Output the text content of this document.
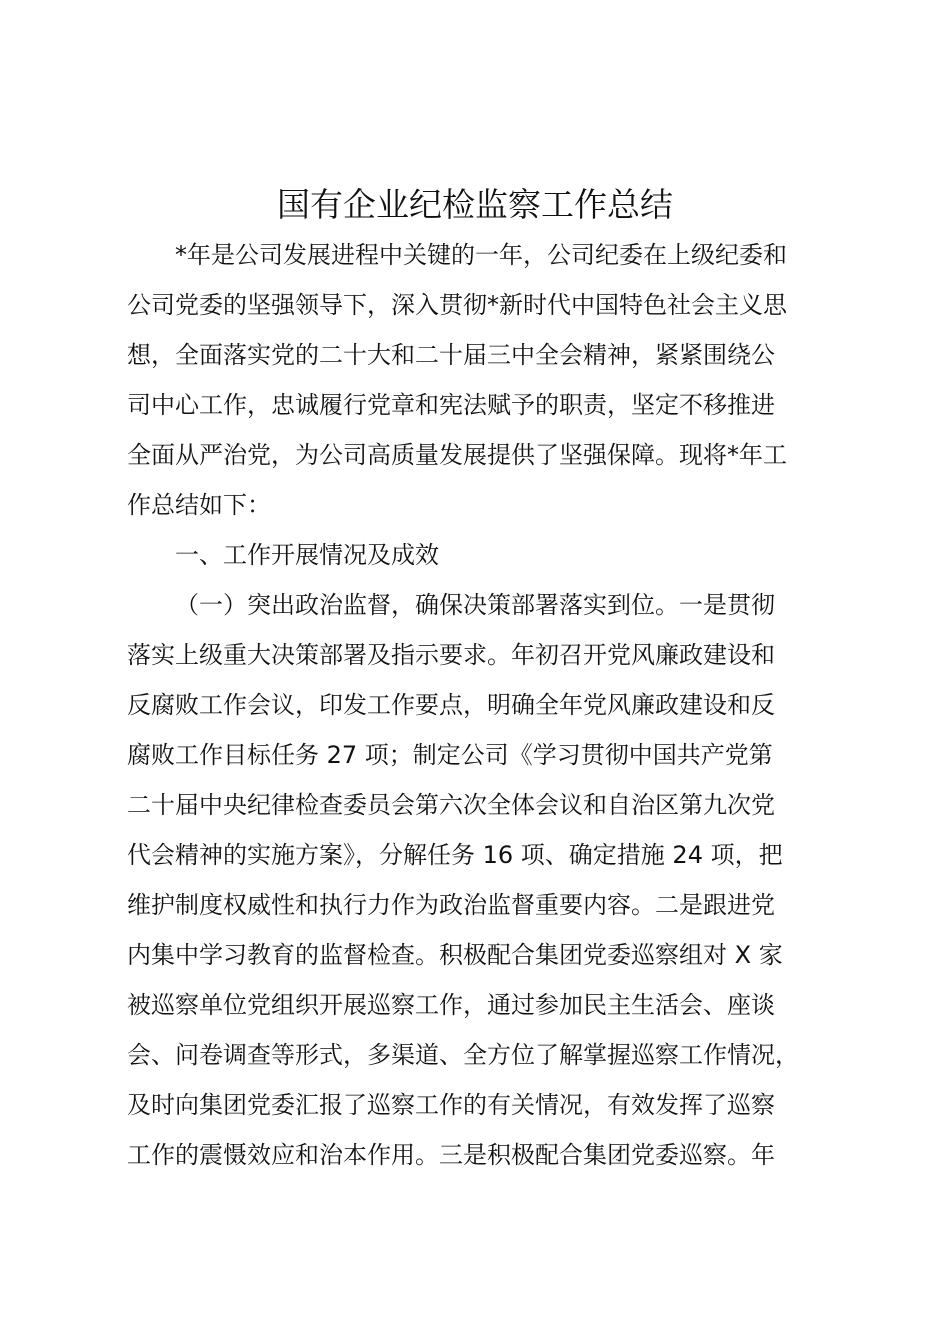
国有企业纪检监察工作总结

*年是公司发展进程中关键的一年，公司纪委在上级纪委和

公司党委的坚强领导下，深入贯彻*新时代中国特色社会主义思

想，全面落实党的二十大和二十届三中全会精神，紧紧围绕公

司中心工作，忠诚履行党章和宪法赋予的职责，坚定不移推进

全面从严治党，为公司高质量发展提供了坚强保障。现将*年工

作总结如下：

一、工作开展情况及成效

（一）突出政治监督，确保决策部署落实到位。一是贯彻

落实上级重大决策部署及指示要求。年初召开党风廉政建设和

反腐败工作会议，印发工作要点，明确全年党风廉政建设和反

腐败工作目标任务 27 项；制定公司《学习贯彻中国共产党第

二十届中央纪律检查委员会第六次全体会议和自治区第九次党

代会精神的实施方案》，分解任务 16 项、确定措施 24 项，把

维护制度权威性和执行力作为政治监督重要内容。二是跟进党

内集中学习教育的监督检查。积极配合集团党委巡察组对 X 家

被巡察单位党组织开展巡察工作，通过参加民主生活会、座谈

会、问卷调查等形式，多渠道、全方位了解掌握巡察工作情况，

及时向集团党委汇报了巡察工作的有关情况，有效发挥了巡察

工作的震慑效应和治本作用。三是积极配合集团党委巡察。年
